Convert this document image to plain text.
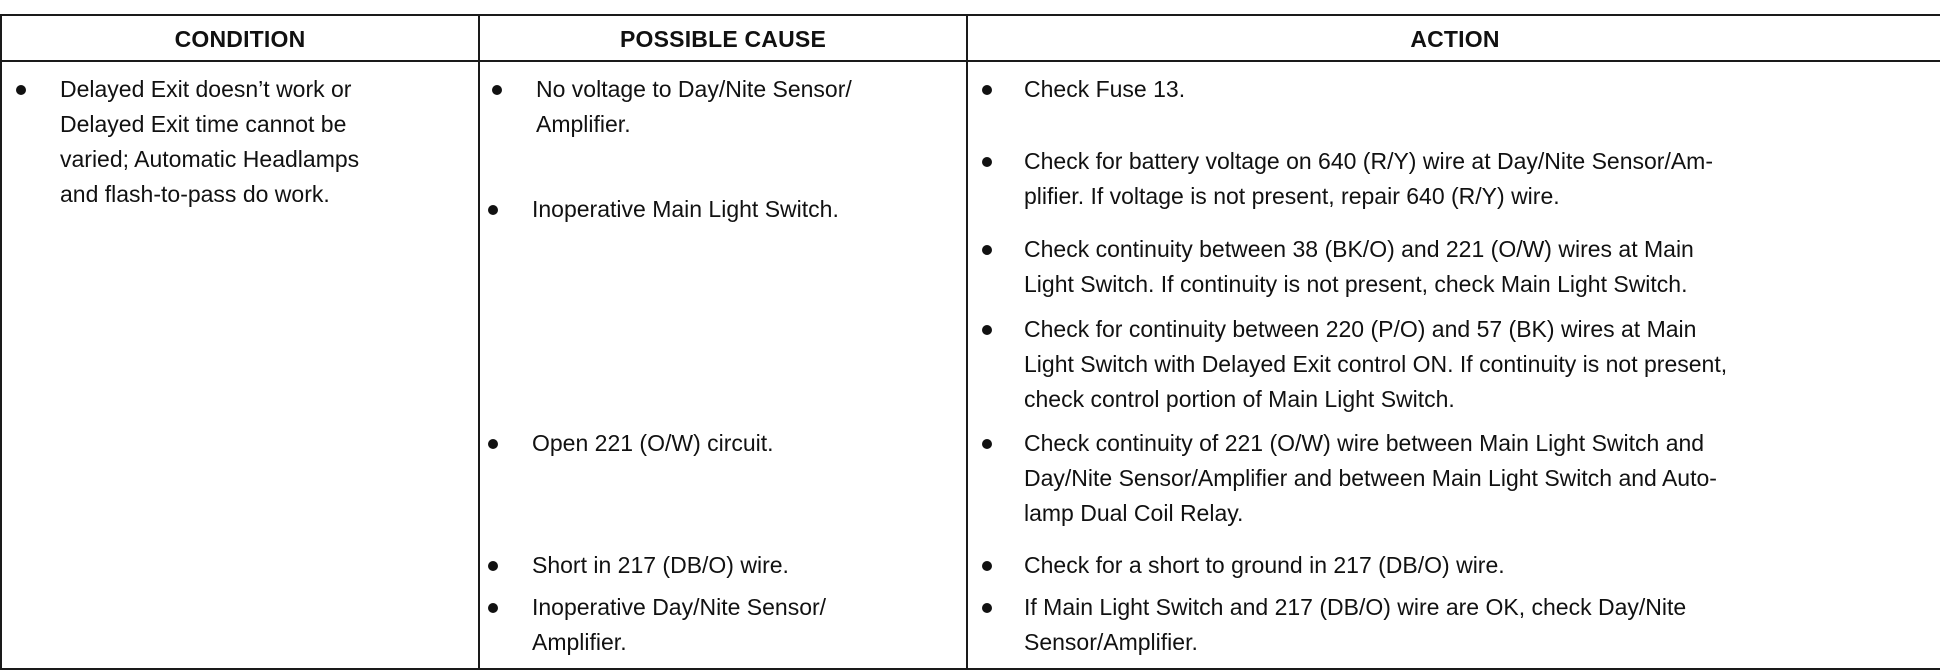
CONDITION	POSSIBLE CAUSE	ACTION
Delayed Exit doesn’t work or
Delayed Exit time cannot be
varied; Automatic Headlamps
and flash-to-pass do work.
No voltage to Day/Nite Sensor/
Amplifier.
Inoperative Main Light Switch.
Open 221 (O/W) circuit.
Short in 217 (DB/O) wire.
Inoperative Day/Nite Sensor/
Amplifier.
Check Fuse 13.
Check for battery voltage on 640 (R/Y) wire at Day/Nite Sensor/Am-
plifier. If voltage is not present, repair 640 (R/Y) wire.
Check continuity between 38 (BK/O) and 221 (O/W) wires at Main
Light Switch. If continuity is not present, check Main Light Switch.
Check for continuity between 220 (P/O) and 57 (BK) wires at Main
Light Switch with Delayed Exit control ON. If continuity is not present,
check control portion of Main Light Switch.
Check continuity of 221 (O/W) wire between Main Light Switch and
Day/Nite Sensor/Amplifier and between Main Light Switch and Auto-
lamp Dual Coil Relay.
Check for a short to ground in 217 (DB/O) wire.
If Main Light Switch and 217 (DB/O) wire are OK, check Day/Nite
Sensor/Amplifier.
